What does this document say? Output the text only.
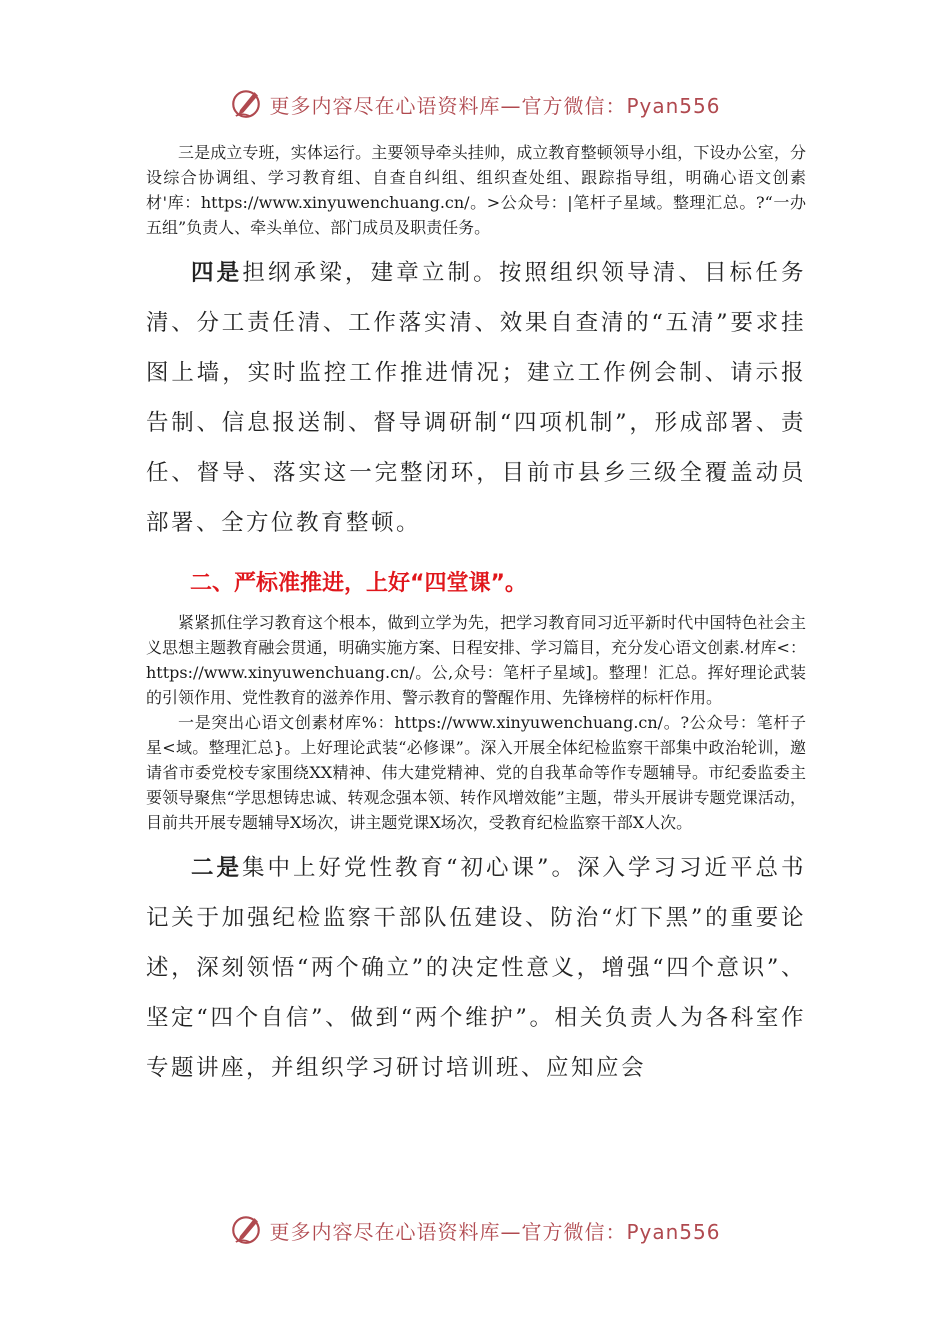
更多内容尽在心语资料库—官方微信：Pyan556

三是成立专班，实体运行。主要领导牵头挂帅，成立教育整顿领导小组，下设办公室，分设综合协调组、学习教育组、自查自纠组、组织查处组、跟踪指导组，明确心语文创素材'库：https://www.xinyuwenchuang.cn/。>公众号：|笔杆子星域。整理汇总。?“一办五组”负责人、牵头单位、部门成员及职责任务。

四是担纲承梁，建章立制。按照组织领导清、目标任务清、分工责任清、工作落实清、效果自查清的“五清”要求挂图上墙，实时监控工作推进情况；建立工作例会制、请示报告制、信息报送制、督导调研制“四项机制”，形成部署、责任、督导、落实这一完整闭环，目前市县乡三级全覆盖动员部署、全方位教育整顿。

二、严标准推进，上好“四堂课”。

紧紧抓住学习教育这个根本，做到立学为先，把学习教育同习近平新时代中国特色社会主义思想主题教育融会贯通，明确实施方案、日程安排、学习篇目，充分发心语文创素.材库<：https://www.xinyuwenchuang.cn/。公,众号：笔杆子星域]。整理！汇总。挥好理论武装的引领作用、党性教育的滋养作用、警示教育的警醒作用、先锋榜样的标杆作用。

一是突出心语文创素材库%：https://www.xinyuwenchuang.cn/。?公众号：笔杆子星<域。整理汇总}。上好理论武装“必修课”。深入开展全体纪检监察干部集中政治轮训，邀请省市委党校专家围绕XX精神、伟大建党精神、党的自我革命等作专题辅导。市纪委监委主要领导聚焦“学思想铸忠诚、转观念强本领、转作风增效能”主题，带头开展讲专题党课活动，目前共开展专题辅导X场次，讲主题党课X场次，受教育纪检监察干部X人次。

二是集中上好党性教育“初心课”。深入学习习近平总书记关于加强纪检监察干部队伍建设、防治“灯下黑”的重要论述，深刻领悟“两个确立”的决定性意义，增强“四个意识”、坚定“四个自信”、做到“两个维护”。相关负责人为各科室作专题讲座，并组织学习研讨培训班、应知应会

更多内容尽在心语资料库—官方微信：Pyan556
